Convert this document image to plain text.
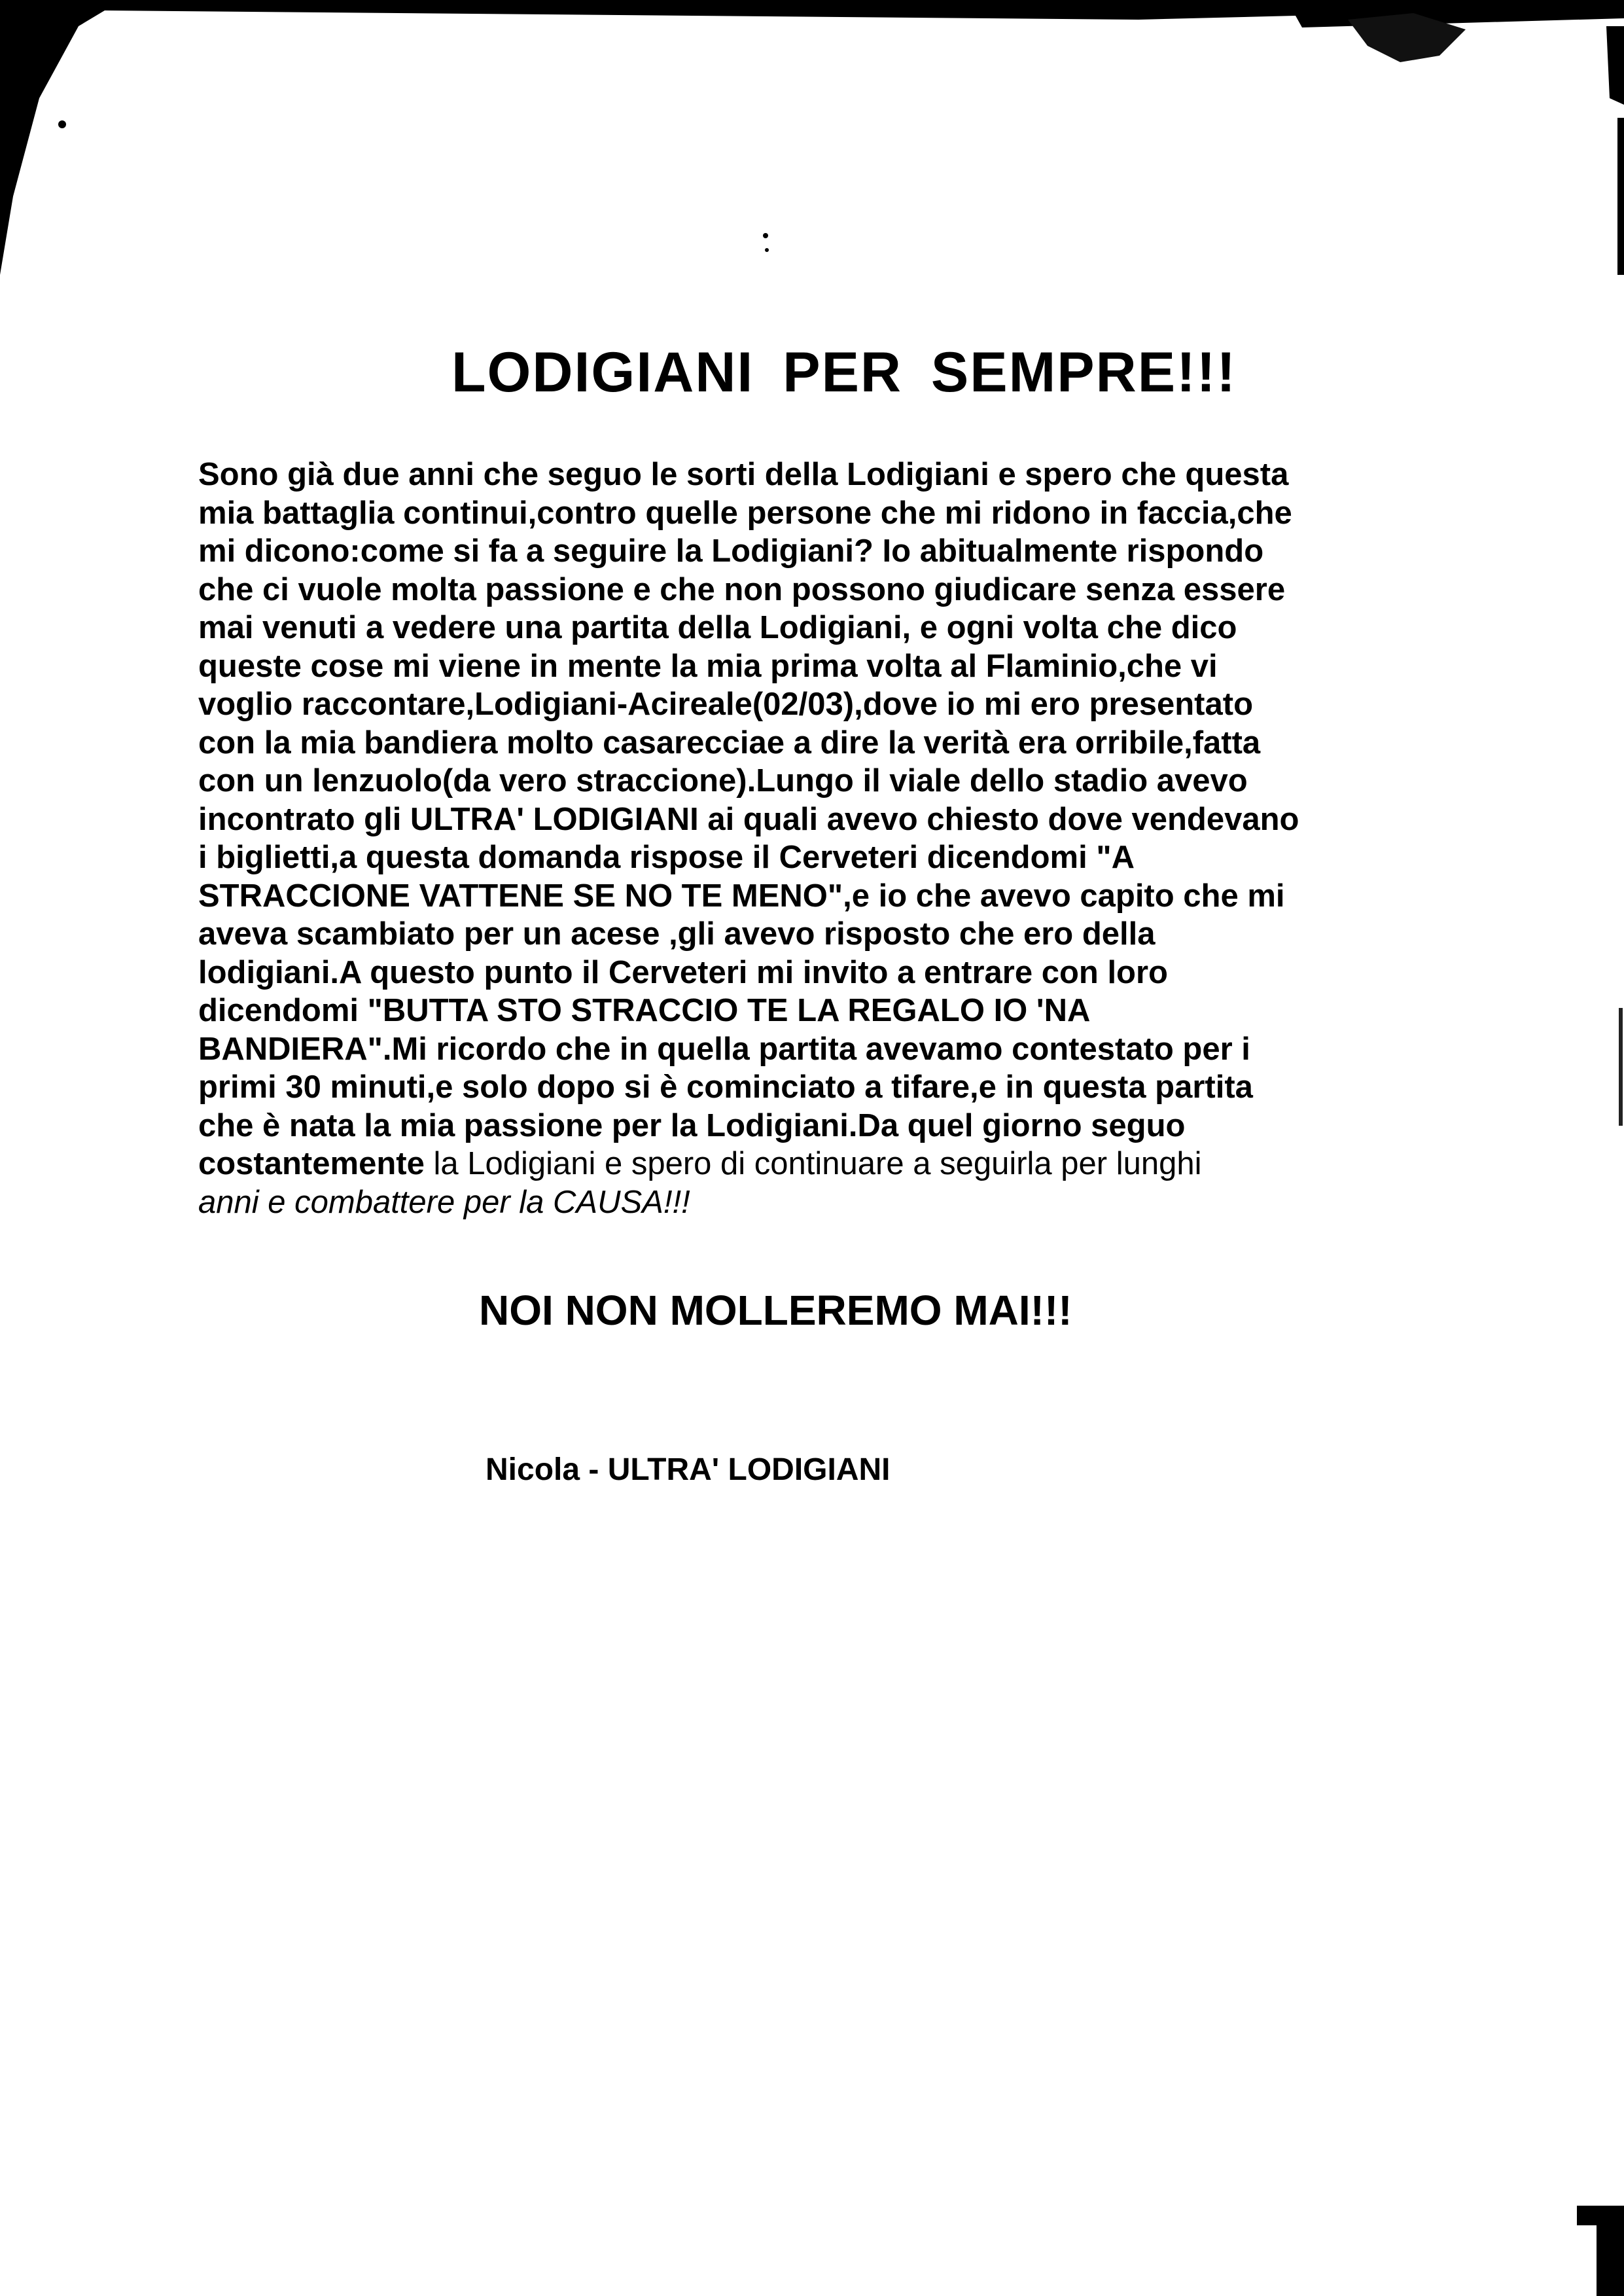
LODIGIANI PER SEMPRE!!!
Sono già due anni che seguo le sorti della Lodigiani e spero che questa
mia battaglia continui,contro quelle persone che mi ridono in faccia,che
mi dicono:come si fa a seguire la Lodigiani? Io abitualmente rispondo
che ci vuole molta passione e che non possono giudicare senza essere
mai venuti a vedere una partita della Lodigiani, e ogni volta che dico
queste cose mi viene in mente la mia prima volta al Flaminio,che vi
voglio raccontare,Lodigiani-Acireale(02/03),dove io mi ero presentato
con la mia bandiera molto casarecciae a dire la verità era orribile,fatta
con un lenzuolo(da vero straccione).Lungo il viale dello stadio avevo
incontrato gli ULTRA' LODIGIANI ai quali avevo chiesto dove vendevano
i biglietti,a questa domanda rispose il Cerveteri dicendomi "A
STRACCIONE VATTENE SE NO TE MENO",e io che avevo capito che mi
aveva scambiato per un acese ,gli avevo risposto che ero della
lodigiani.A questo punto il Cerveteri mi invito a entrare con loro
dicendomi "BUTTA STO STRACCIO TE LA REGALO IO 'NA
BANDIERA".Mi ricordo che in quella partita avevamo contestato per i
primi 30 minuti,e solo dopo si è cominciato a tifare,e in questa partita
che è nata la mia passione per la Lodigiani.Da quel giorno seguo
costantemente la Lodigiani e spero di continuare a seguirla per lunghi
anni e combattere per la CAUSA!!!
NOI NON MOLLEREMO MAI!!!
Nicola - ULTRA' LODIGIANI
